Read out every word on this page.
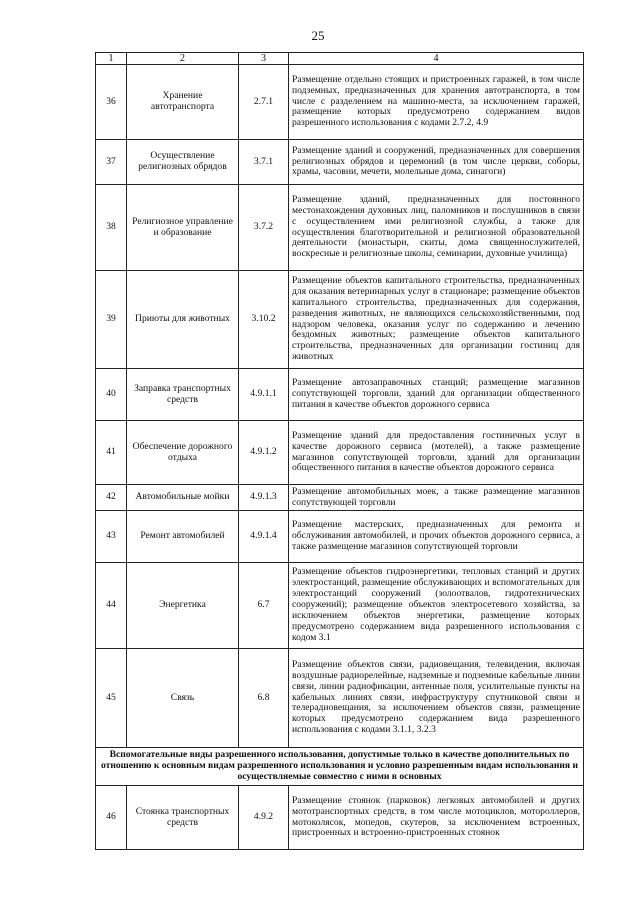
25
1	2	3	4
36	Хранение автотранспорта	2.7.1	Размещение отдельно стоящих и пристроенных гаражей, в том числе подземных, предназначенных для хранения автотранспорта, в том числе с разделением на машино-места, за исключением гаражей, размещение которых предусмотрено содержанием видов разрешенного использования с кодами 2.7.2, 4.9
37	Осуществление религиозных обрядов	3.7.1	Размещение зданий и сооружений, предназначенных для совершения религиозных обрядов и церемоний (в том числе церкви, соборы, храмы, часовни, мечети, молельные дома, синагоги)
38	Религиозное управление и образование	3.7.2	Размещение зданий, предназначенных для постоянного местонахождения духовных лиц, паломников и послушников в связи с осуществлением ими религиозной службы, а также для осуществления благотворительной и религиозной образовательной деятельности (монастыри, скиты, дома священнослужителей, воскресные и религиозные школы, семинарии, духовные училища)
39	Приюты для животных	3.10.2	Размещение объектов капитального строительства, предназначенных для оказания ветеринарных услуг в стационаре; размещение объектов капитального строительства, предназначенных для содержания, разведения животных, не являющихся сельскохозяйственными, под надзором человека, оказания услуг по содержанию и лечению бездомных животных; размещение объектов капитального строительства, предназначенных для организации гостиниц для животных
40	Заправка транспортных средств	4.9.1.1	Размещение автозаправочных станций; размещение магазинов сопутствующей торговли, зданий для организации общественного питания в качестве объектов дорожного сервиса
41	Обеспечение дорожного отдыха	4.9.1.2	Размещение зданий для предоставления гостиничных услуг в качестве дорожного сервиса (мотелей), а также размещение магазинов сопутствующей торговли, зданий для организации общественного питания в качестве объектов дорожного сервиса
42	Автомобильные мойки	4.9.1.3	Размещение автомобильных моек, а также размещение магазинов сопутствующей торговли
43	Ремонт автомобилей	4.9.1.4	Размещение мастерских, предназначенных для ремонта и обслуживания автомобилей, и прочих объектов дорожного сервиса, а также размещение магазинов сопутствующей торговли
44	Энергетика	6.7	Размещение объектов гидроэнергетики, тепловых станций и других электростанций, размещение обслуживающих и вспомогательных для электростанций сооружений (золоотвалов, гидротехнических сооружений); размещение объектов электросетевого хозяйства, за исключением объектов энергетики, размещение которых предусмотрено содержанием вида разрешенного использования с кодом 3.1
45	Связь	6.8	Размещение объектов связи, радиовещания, телевидения, включая воздушные радиорелейные, надземные и подземные кабельные линии связи, линии радиофикации, антенные поля, усилительные пункты на кабельных линиях связи, инфраструктуру спутниковой связи и телерадиовещания, за исключением объектов связи, размещение которых предусмотрено содержанием вида разрешенного использования с кодами 3.1.1, 3.2.3
Вспомогательные виды разрешенного использования, допустимые только в качестве дополнительных по отношению к основным видам разрешенного использования и условно разрешенным видам использования и осуществляемые совместно с ними в основных			
46	Стоянка транспортных средств	4.9.2	Размещение стоянок (парковок) легковых автомобилей и других мототранспортных средств, в том числе мотоциклов, мотороллеров, мотоколясок, мопедов, скутеров, за исключением встроенных, пристроенных и встроенно-пристроенных стоянок
